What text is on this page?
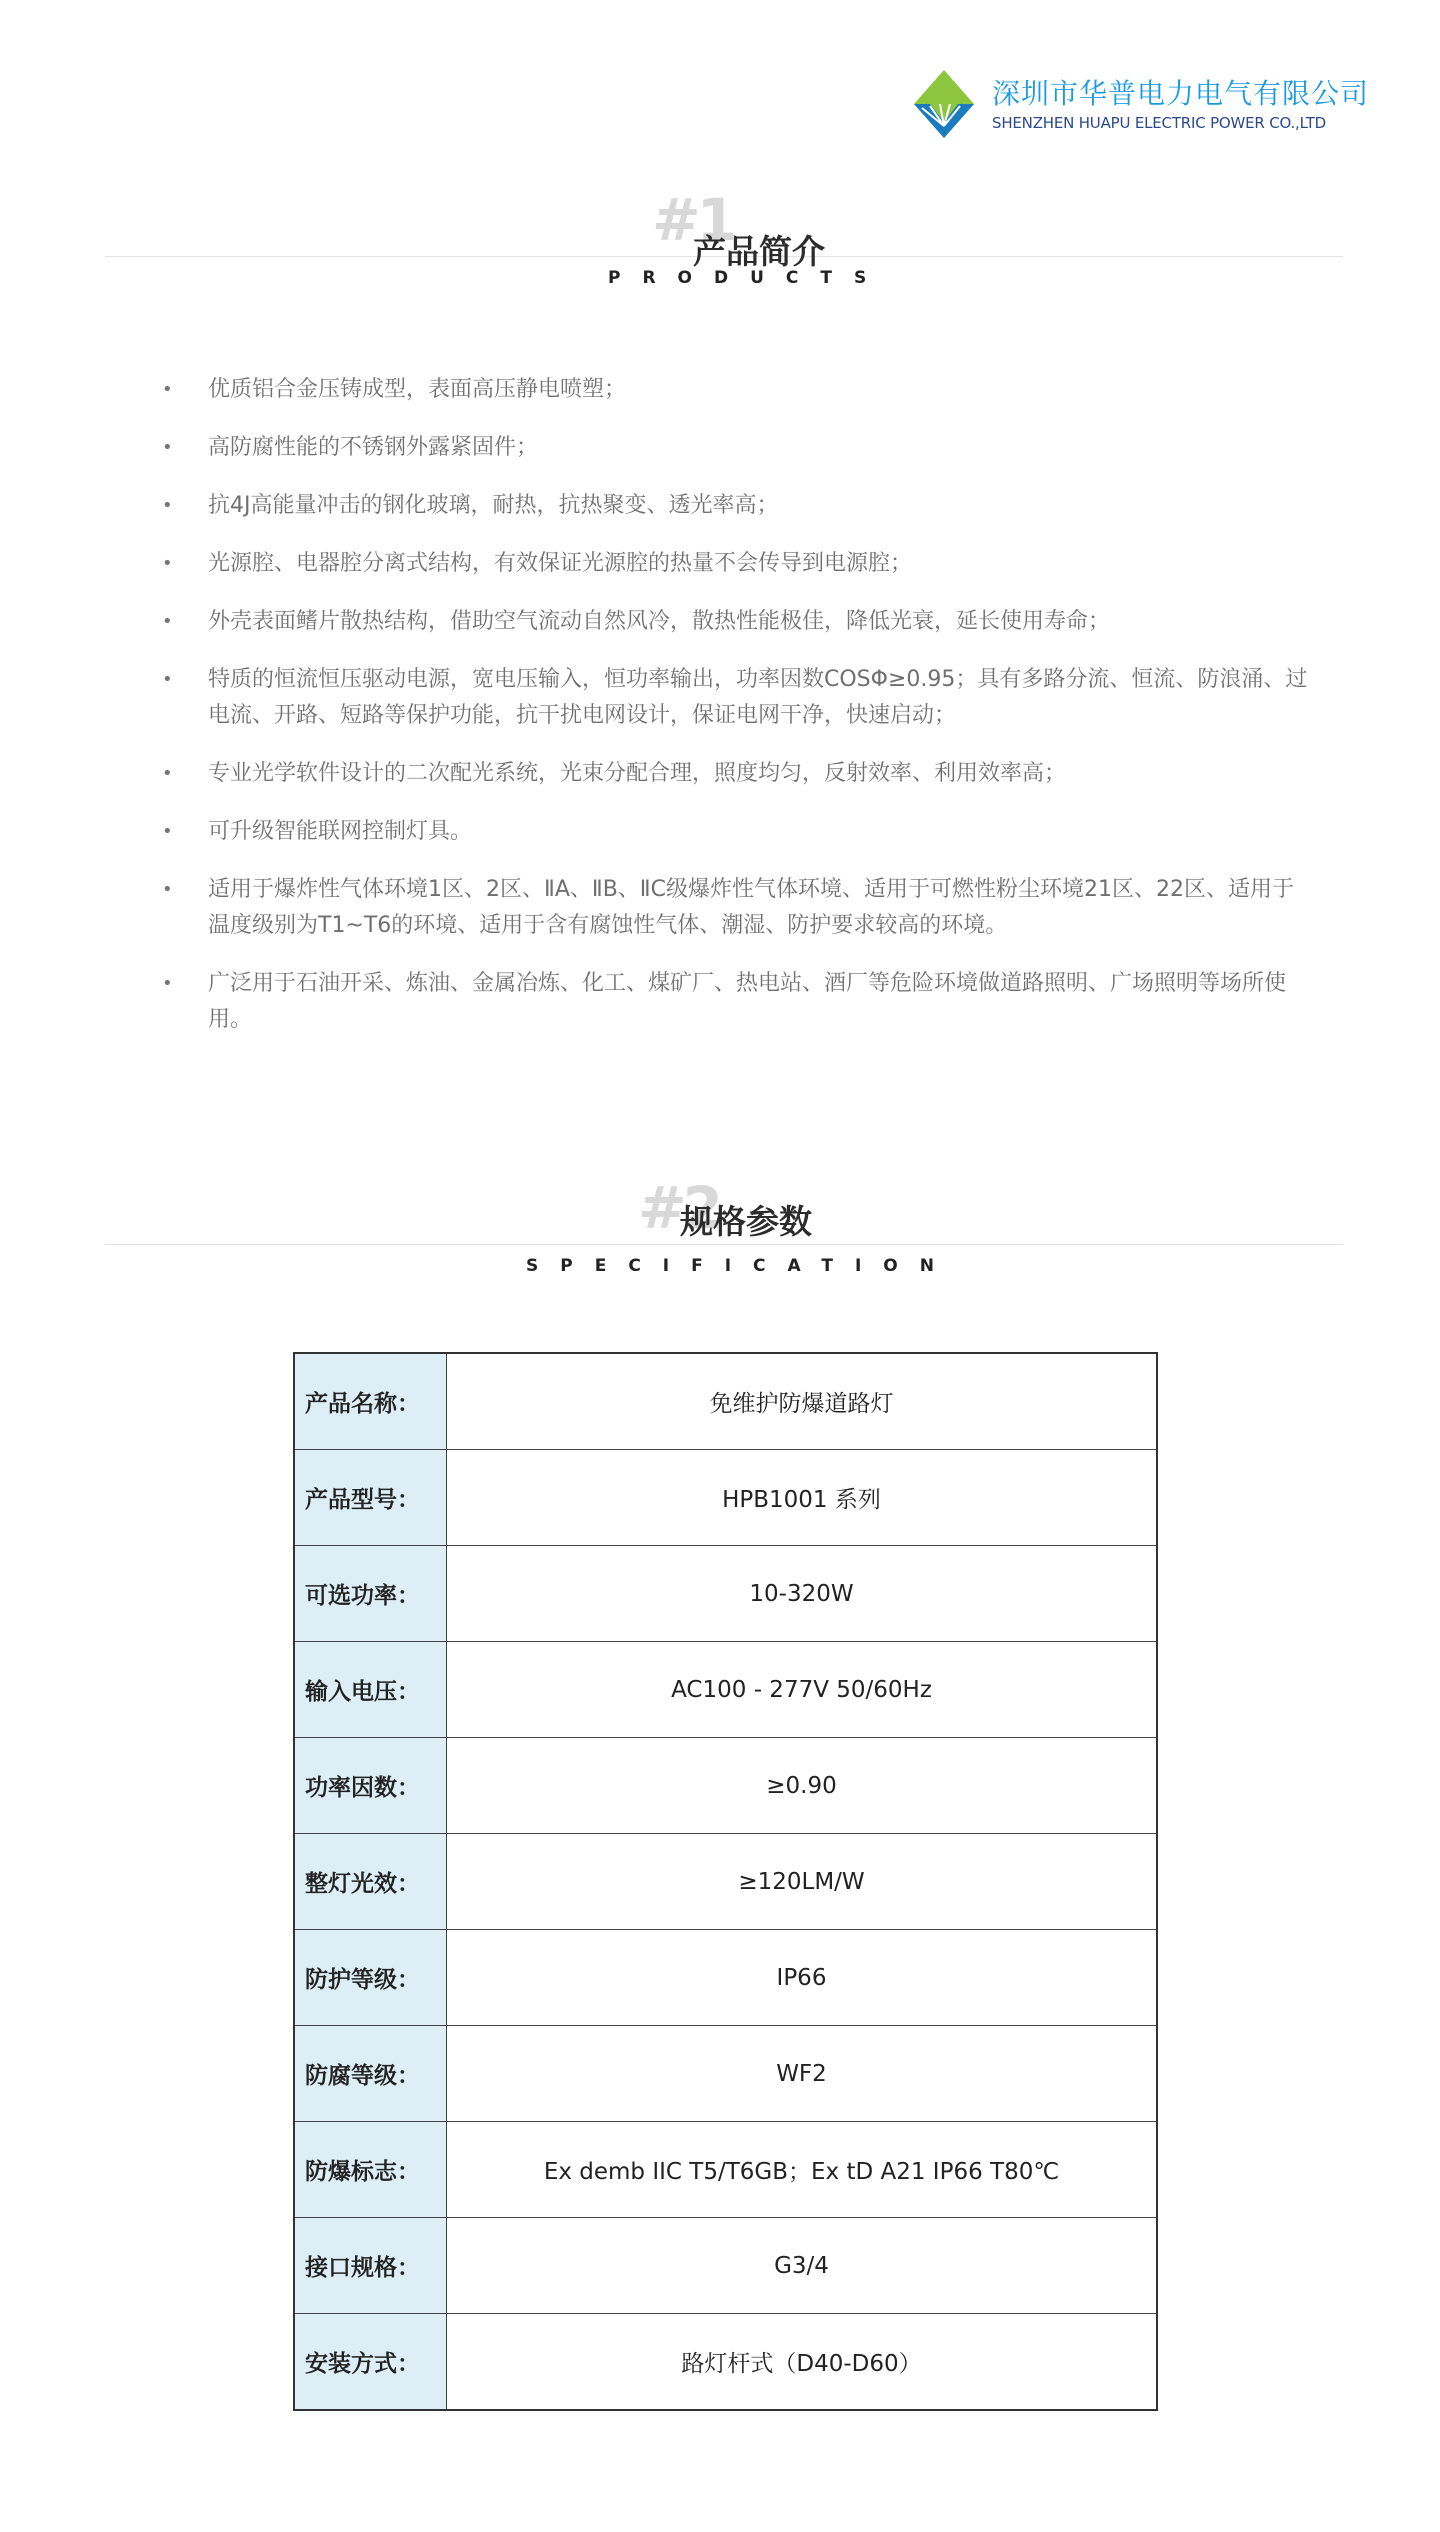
深圳市华普电力电气有限公司
SHENZHEN HUAPU ELECTRIC POWER CO.,LTD
#1
产品简介
PRODUCTS
• 优质铝合金压铸成型，表面高压静电喷塑；
• 高防腐性能的不锈钢外露紧固件；
• 抗4J高能量冲击的钢化玻璃，耐热，抗热聚变、透光率高；
• 光源腔、电器腔分离式结构，有效保证光源腔的热量不会传导到电源腔；
• 外壳表面鳍片散热结构，借助空气流动自然风冷，散热性能极佳，降低光衰，延长使用寿命；
• 特质的恒流恒压驱动电源，宽电压输入，恒功率输出，功率因数COSΦ≥0.95；具有多路分流、恒流、防浪涌、过电流、开路、短路等保护功能，抗干扰电网设计，保证电网干净，快速启动；
• 专业光学软件设计的二次配光系统，光束分配合理，照度均匀，反射效率、利用效率高；
• 可升级智能联网控制灯具。
• 适用于爆炸性气体环境1区、2区、ⅡA、ⅡB、ⅡC级爆炸性气体环境、适用于可燃性粉尘环境21区、22区、适用于温度级别为T1~T6的环境、适用于含有腐蚀性气体、潮湿、防护要求较高的环境。
• 广泛用于石油开采、炼油、金属冶炼、化工、煤矿厂、热电站、酒厂等危险环境做道路照明、广场照明等场所使用。
#2
规格参数
SPECIFICATION
产品名称：	免维护防爆道路灯
产品型号：	HPB1001 系列
可选功率：	10-320W
输入电压：	AC100 - 277V 50/60Hz
功率因数：	≥0.90
整灯光效：	≥120LM/W
防护等级：	IP66
防腐等级：	WF2
防爆标志：	Ex demb IIC T5/T6GB；Ex tD A21 IP66 T80℃
接口规格：	G3/4
安装方式：	路灯杆式（D40-D60）
